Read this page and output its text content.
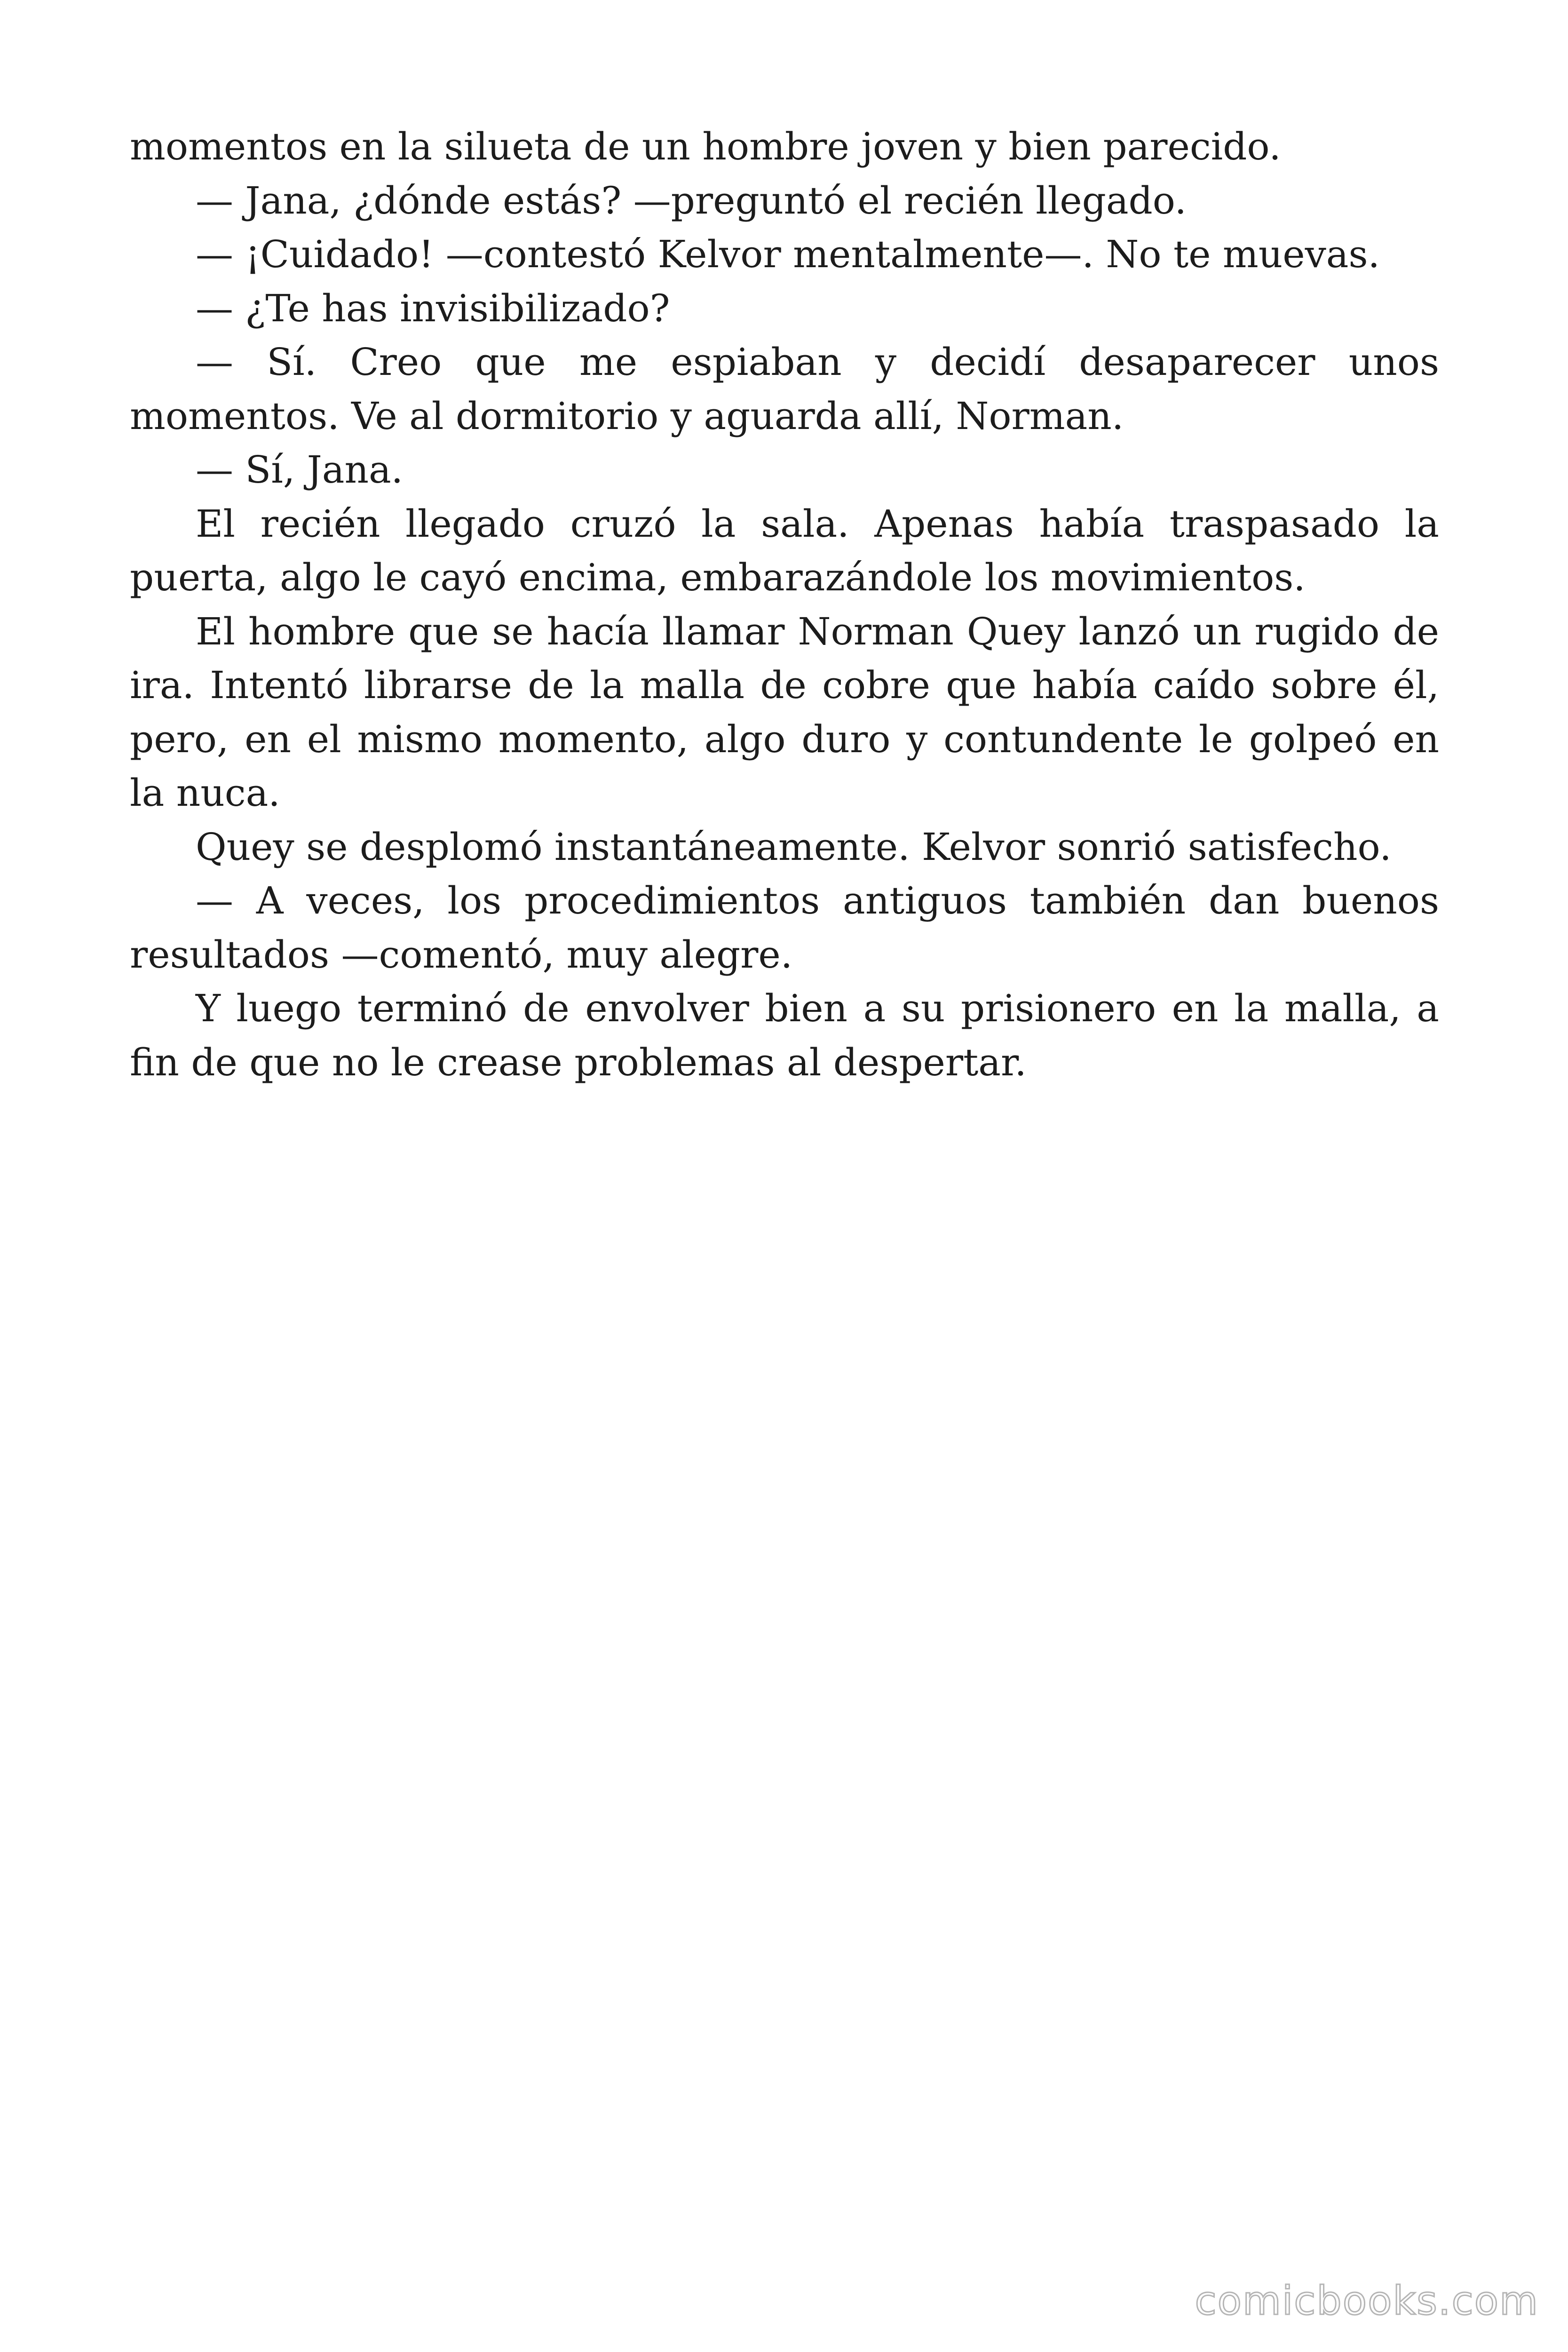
momentos en la silueta de un hombre joven y bien parecido.

— Jana, ¿dónde estás? —preguntó el recién llegado.

— ¡Cuidado! —contestó Kelvor mentalmente—. No te muevas.

— ¿Te has invisibilizado?

— Sí. Creo que me espiaban y decidí desaparecer unos momentos. Ve al dormitorio y aguarda allí, Norman.

— Sí, Jana.

El recién llegado cruzó la sala. Apenas había traspasado la puerta, algo le cayó encima, embarazándole los movimientos.

El hombre que se hacía llamar Norman Quey lanzó un rugido de ira. Intentó librarse de la malla de cobre que había caído sobre él, pero, en el mismo momento, algo duro y contundente le golpeó en la nuca.

Quey se desplomó instantáneamente. Kelvor sonrió satisfecho.

— A veces, los procedimientos antiguos también dan buenos resultados —comentó, muy alegre.

Y luego terminó de envolver bien a su prisionero en la malla, a fin de que no le crease problemas al despertar.

comicbooks.com
